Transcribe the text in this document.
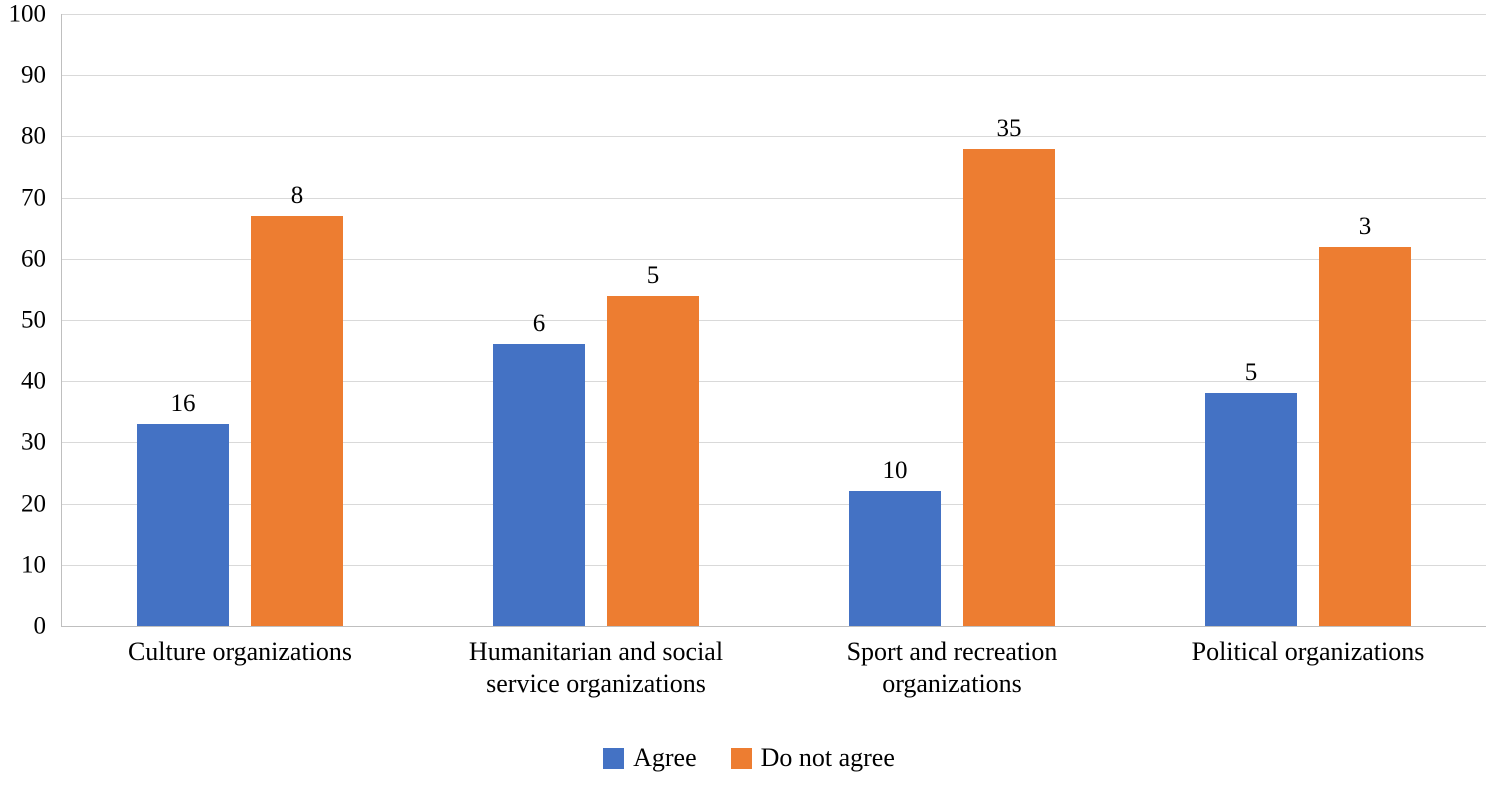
100
90
80
70
60
50
40
30
20
10
0
16
8
6
5
10
35
5
3
Culture organizations	Humanitarian and social
service organizations
Sport and recreation
organizations
Political organizations
Agree Do not agree
